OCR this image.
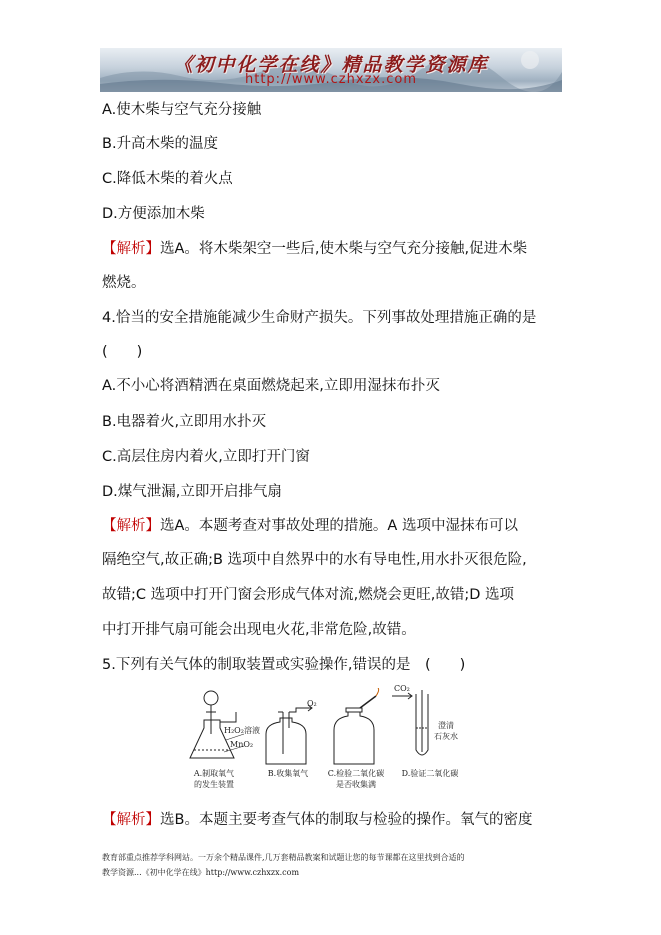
《初中化学在线》精品教学资源库
http://www.czhxzx.com
A.使木柴与空气充分接触
B.升高木柴的温度
C.降低木柴的着火点
D.方便添加木柴
【解析】选A。将木柴架空一些后,使木柴与空气充分接触,促进木柴
燃烧。
4.恰当的安全措施能减少生命财产损失。下列事故处理措施正确的是
(　　)
A.不小心将酒精洒在桌面燃烧起来,立即用湿抹布扑灭
B.电器着火,立即用水扑灭
C.高层住房内着火,立即打开门窗
D.煤气泄漏,立即开启排气扇
【解析】选A。本题考查对事故处理的措施。A 选项中湿抹布可以
隔绝空气,故正确;B 选项中自然界中的水有导电性,用水扑灭很危险,
故错;C 选项中打开门窗会形成气体对流,燃烧会更旺,故错;D 选项
中打开排气扇可能会出现电火花,非常危险,故错。
5.下列有关气体的制取装置或实验操作,错误的是　(　　)
H₂O₂溶液
MnO₂
O₂
CO₂
澄清
石灰水
A.制取氧气
的发生装置
B.收集氧气	C.检验二氧化碳
是否收集满
D.验证二氧化碳
【解析】选B。本题主要考查气体的制取与检验的操作。氧气的密度
教育部重点推荐学科网站。一万余个精品课件,几万套精品教案和试题让您的每节课都在这里找到合适的
教学资源...《初中化学在线》http://www.czhxzx.com
